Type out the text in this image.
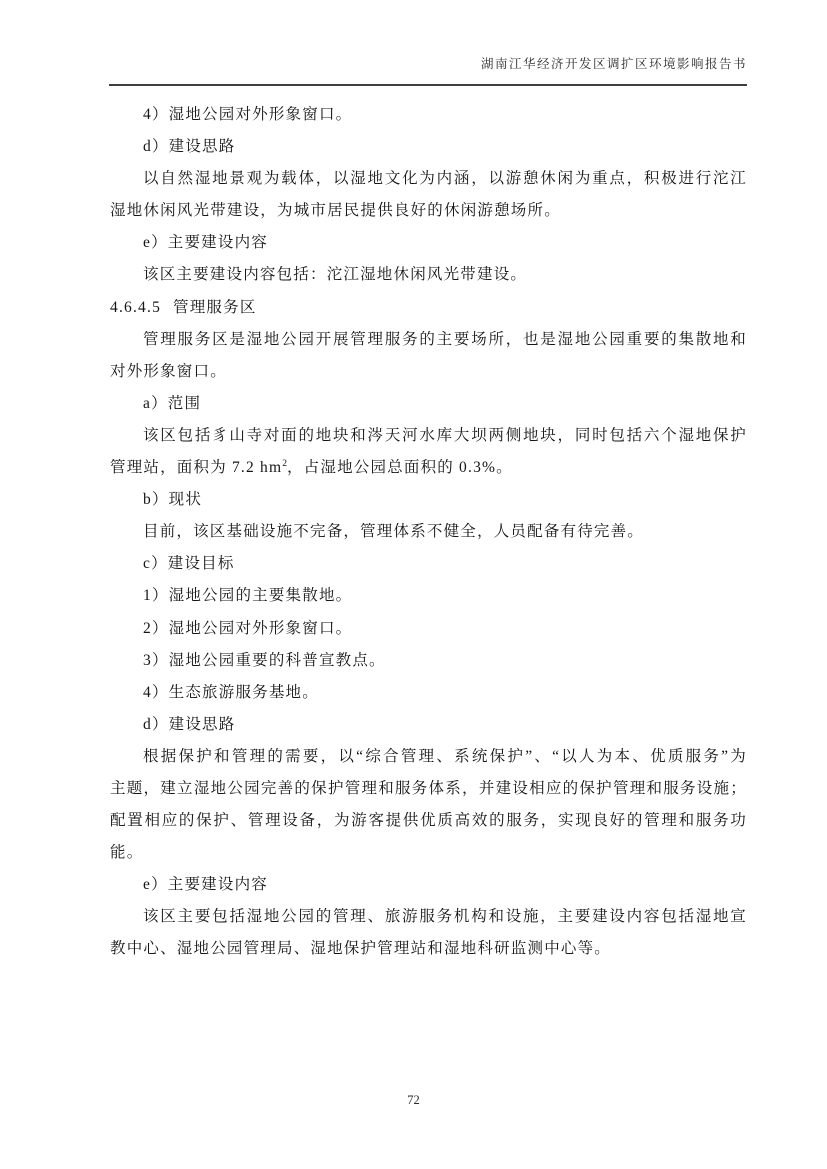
湖南江华经济开发区调扩区环境影响报告书
4）湿地公园对外形象窗口。
d）建设思路
以自然湿地景观为载体，以湿地文化为内涵，以游憩休闲为重点，积极进行沱江
湿地休闲风光带建设，为城市居民提供良好的休闲游憩场所。
e）主要建设内容
该区主要建设内容包括：沱江湿地休闲风光带建设。
4.6.4.5 管理服务区
管理服务区是湿地公园开展管理服务的主要场所，也是湿地公园重要的集散地和
对外形象窗口。
a）范围
该区包括豸山寺对面的地块和涔天河水库大坝两侧地块，同时包括六个湿地保护
管理站，面积为 7.2 $hm^2$，占湿地公园总面积的 0.3%。
b）现状
目前，该区基础设施不完备，管理体系不健全，人员配备有待完善。
c）建设目标
1）湿地公园的主要集散地。
2）湿地公园对外形象窗口。
3）湿地公园重要的科普宣教点。
4）生态旅游服务基地。
d）建设思路
根据保护和管理的需要，以“综合管理、系统保护”、“以人为本、优质服务”为
主题，建立湿地公园完善的保护管理和服务体系，并建设相应的保护管理和服务设施；
配置相应的保护、管理设备，为游客提供优质高效的服务，实现良好的管理和服务功
能。
e）主要建设内容
该区主要包括湿地公园的管理、旅游服务机构和设施，主要建设内容包括湿地宣
教中心、湿地公园管理局、湿地保护管理站和湿地科研监测中心等。
72
